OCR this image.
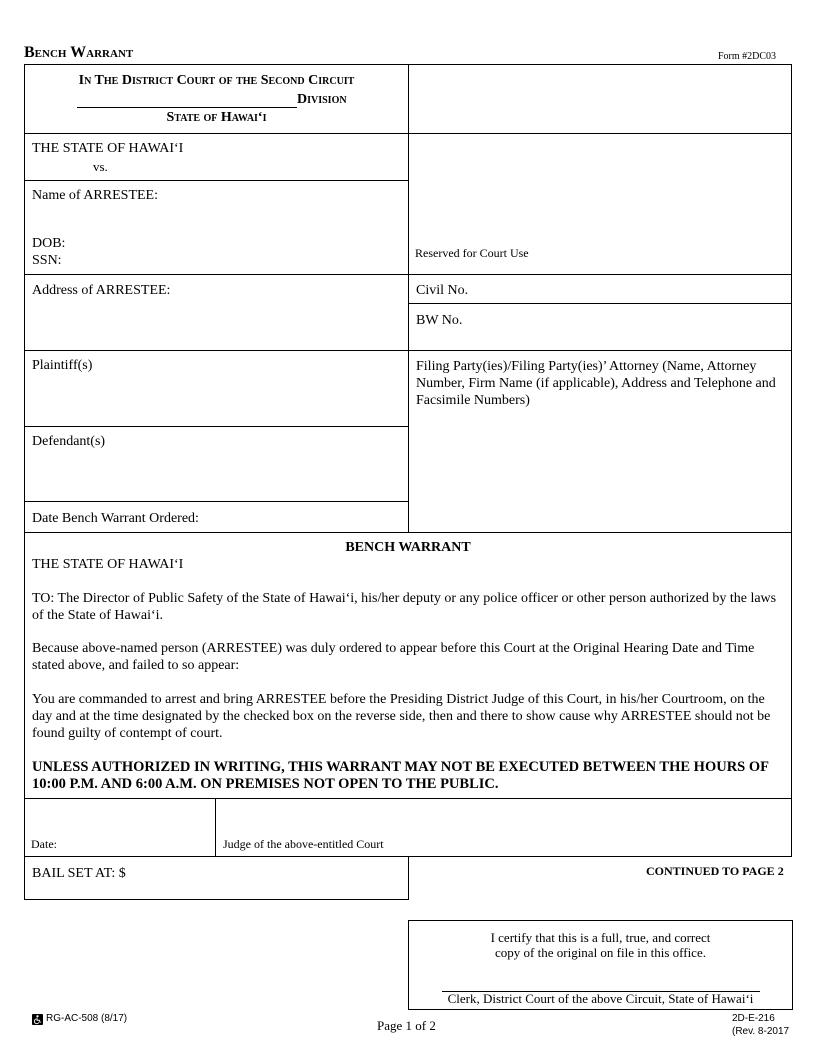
Bench Warrant	Form #2DC03
In The District Court of the Second Circuit
Division
State of Hawai‘i
THE STATE OF HAWAI‘I
vs.
Name of ARRESTEE:
DOB:
SSN:	Reserved for Court Use
Address of ARRESTEE:	Civil No.
BW No.
Plaintiff(s)
Defendant(s)
Date Bench Warrant Ordered:
Filing Party(ies)/Filing Party(ies)’ Attorney (Name, Attorney Number, Firm Name (if applicable), Address and Telephone and Facsimile Numbers)
BENCH WARRANT
THE STATE OF HAWAI‘I
TO: The Director of Public Safety of the State of Hawai‘i, his/her deputy or any police officer or other person authorized by the laws of the State of Hawai‘i.
Because above-named person (ARRESTEE) was duly ordered to appear before this Court at the Original Hearing Date and Time stated above, and failed to so appear:
You are commanded to arrest and bring ARRESTEE before the Presiding District Judge of this Court, in his/her Courtroom, on the day and at the time designated by the checked box on the reverse side, then and there to show cause why ARRESTEE should not be found guilty of contempt of court.
UNLESS AUTHORIZED IN WRITING, THIS WARRANT MAY NOT BE EXECUTED BETWEEN THE HOURS OF 10:00 P.M. AND 6:00 A.M. ON PREMISES NOT OPEN TO THE PUBLIC.
Date:	Judge of the above-entitled Court
BAIL SET AT: $	CONTINUED TO PAGE 2
I certify that this is a full, true, and correct
copy of the original on file in this office.
Clerk, District Court of the above Circuit, State of Hawai‘i
RG-AC-508 (8/17)	Page 1 of 2	2D-E-216
(Rev. 8-2017
